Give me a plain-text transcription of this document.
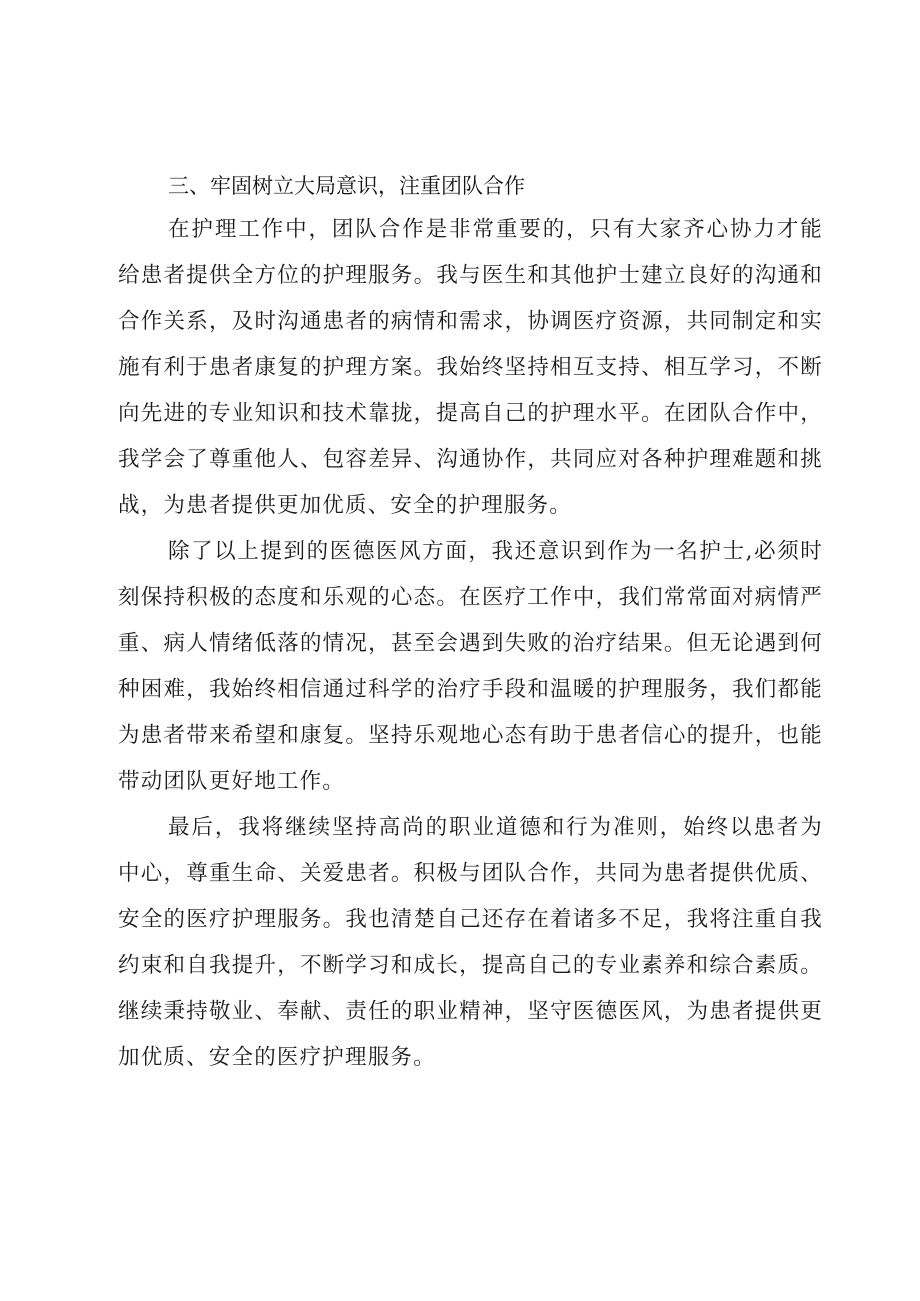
三、牢固树立大局意识，注重团队合作

在护理工作中，团队合作是非常重要的，只有大家齐心协力才能给患者提供全方位的护理服务。我与医生和其他护士建立良好的沟通和合作关系，及时沟通患者的病情和需求，协调医疗资源，共同制定和实施有利于患者康复的护理方案。我始终坚持相互支持、相互学习，不断向先进的专业知识和技术靠拢，提高自己的护理水平。在团队合作中，我学会了尊重他人、包容差异、沟通协作，共同应对各种护理难题和挑战，为患者提供更加优质、安全的护理服务。

除了以上提到的医德医风方面，我还意识到作为一名护士,必须时刻保持积极的态度和乐观的心态。在医疗工作中，我们常常面对病情严重、病人情绪低落的情况，甚至会遇到失败的治疗结果。但无论遇到何种困难，我始终相信通过科学的治疗手段和温暖的护理服务，我们都能为患者带来希望和康复。坚持乐观地心态有助于患者信心的提升，也能带动团队更好地工作。

最后，我将继续坚持高尚的职业道德和行为准则，始终以患者为中心，尊重生命、关爱患者。积极与团队合作，共同为患者提供优质、安全的医疗护理服务。我也清楚自己还存在着诸多不足，我将注重自我约束和自我提升，不断学习和成长，提高自己的专业素养和综合素质。继续秉持敬业、奉献、责任的职业精神，坚守医德医风，为患者提供更加优质、安全的医疗护理服务。
